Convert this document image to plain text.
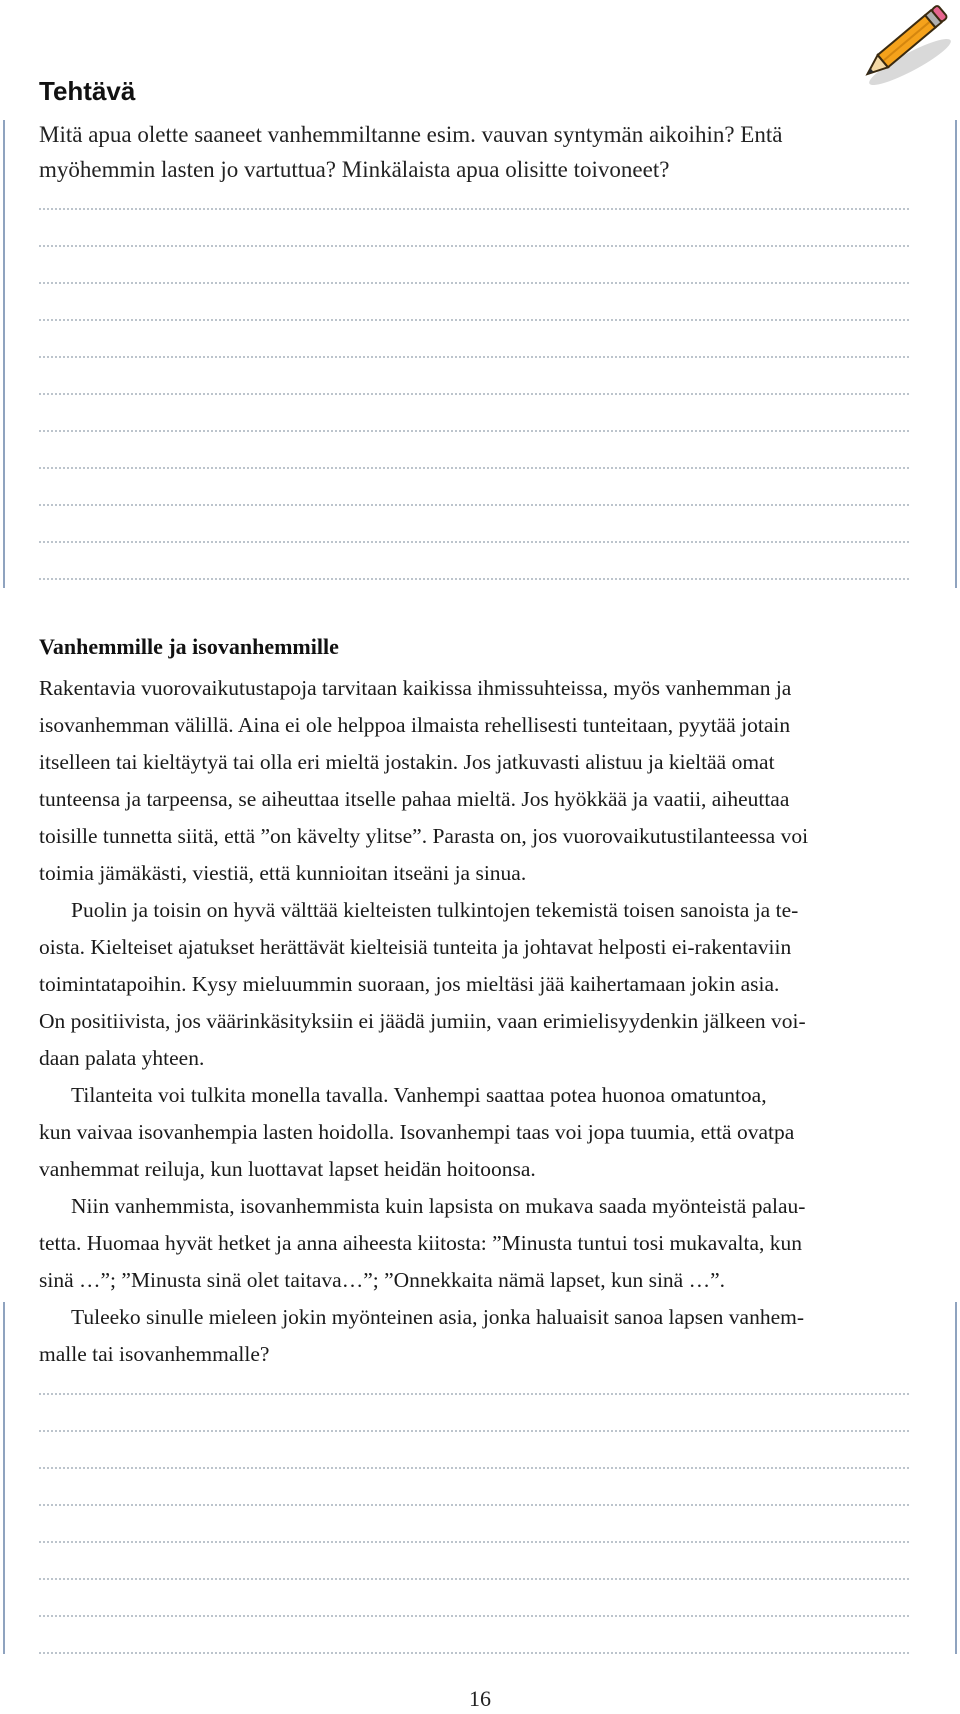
Tehtävä
Mitä apua olette saaneet vanhemmiltanne esim. vauvan syntymän aikoihin? Entä
myöhemmin lasten jo vartuttua? Minkälaista apua olisitte toivoneet?
Vanhemmille ja isovanhemmille
Rakentavia vuorovaikutustapoja tarvitaan kaikissa ihmissuhteissa, myös vanhemman ja
isovanhemman välillä. Aina ei ole helppoa ilmaista rehellisesti tunteitaan, pyytää jotain
itselleen tai kieltäytyä tai olla eri mieltä jostakin. Jos jatkuvasti alistuu ja kieltää omat
tunteensa ja tarpeensa, se aiheuttaa itselle pahaa mieltä. Jos hyökkää ja vaatii, aiheuttaa
toisille tunnetta siitä, että ”on kävelty ylitse”. Parasta on, jos vuorovaikutustilanteessa voi
toimia jämäkästi, viestiä, että kunnioitan itseäni ja sinua.
Puolin ja toisin on hyvä välttää kielteisten tulkintojen tekemistä toisen sanoista ja te-
oista. Kielteiset ajatukset herättävät kielteisiä tunteita ja johtavat helposti ei-rakentaviin
toimintatapoihin. Kysy mieluummin suoraan, jos mieltäsi jää kaihertamaan jokin asia.
On positiivista, jos väärinkäsityksiin ei jäädä jumiin, vaan erimielisyydenkin jälkeen voi-
daan palata yhteen.
Tilanteita voi tulkita monella tavalla. Vanhempi saattaa potea huonoa omatuntoa,
kun vaivaa isovanhempia lasten hoidolla. Isovanhempi taas voi jopa tuumia, että ovatpa
vanhemmat reiluja, kun luottavat lapset heidän hoitoonsa.
Niin vanhemmista, isovanhemmista kuin lapsista on mukava saada myönteistä palau-
tetta. Huomaa hyvät hetket ja anna aiheesta kiitosta: ”Minusta tuntui tosi mukavalta, kun
sinä …”; ”Minusta sinä olet taitava…”; ”Onnekkaita nämä lapset, kun sinä …”.
Tuleeko sinulle mieleen jokin myönteinen asia, jonka haluaisit sanoa lapsen vanhem-
malle tai isovanhemmalle?
16
